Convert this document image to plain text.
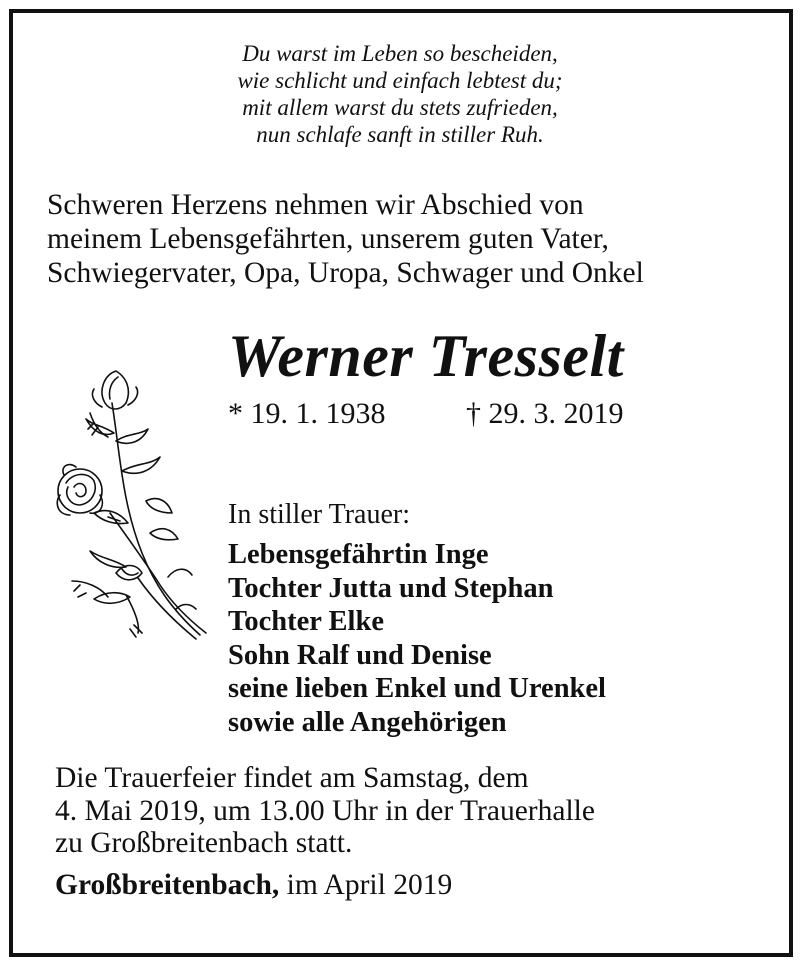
Du warst im Leben so bescheiden,
wie schlicht und einfach lebtest du;
mit allem warst du stets zufrieden,
nun schlafe sanft in stiller Ruh.
Schweren Herzens nehmen wir Abschied von
meinem Lebensgefährten, unserem guten Vater,
Schwiegervater, Opa, Uropa, Schwager und Onkel
Werner Tresselt
* 19. 1. 1938	† 29. 3. 2019
In stiller Trauer:
Lebensgefährtin Inge
Tochter Jutta und Stephan
Tochter Elke
Sohn Ralf und Denise
seine lieben Enkel und Urenkel
sowie alle Angehörigen
Die Trauerfeier findet am Samstag, dem
4. Mai 2019, um 13.00 Uhr in der Trauerhalle
zu Großbreitenbach statt.
Großbreitenbach, im April 2019
